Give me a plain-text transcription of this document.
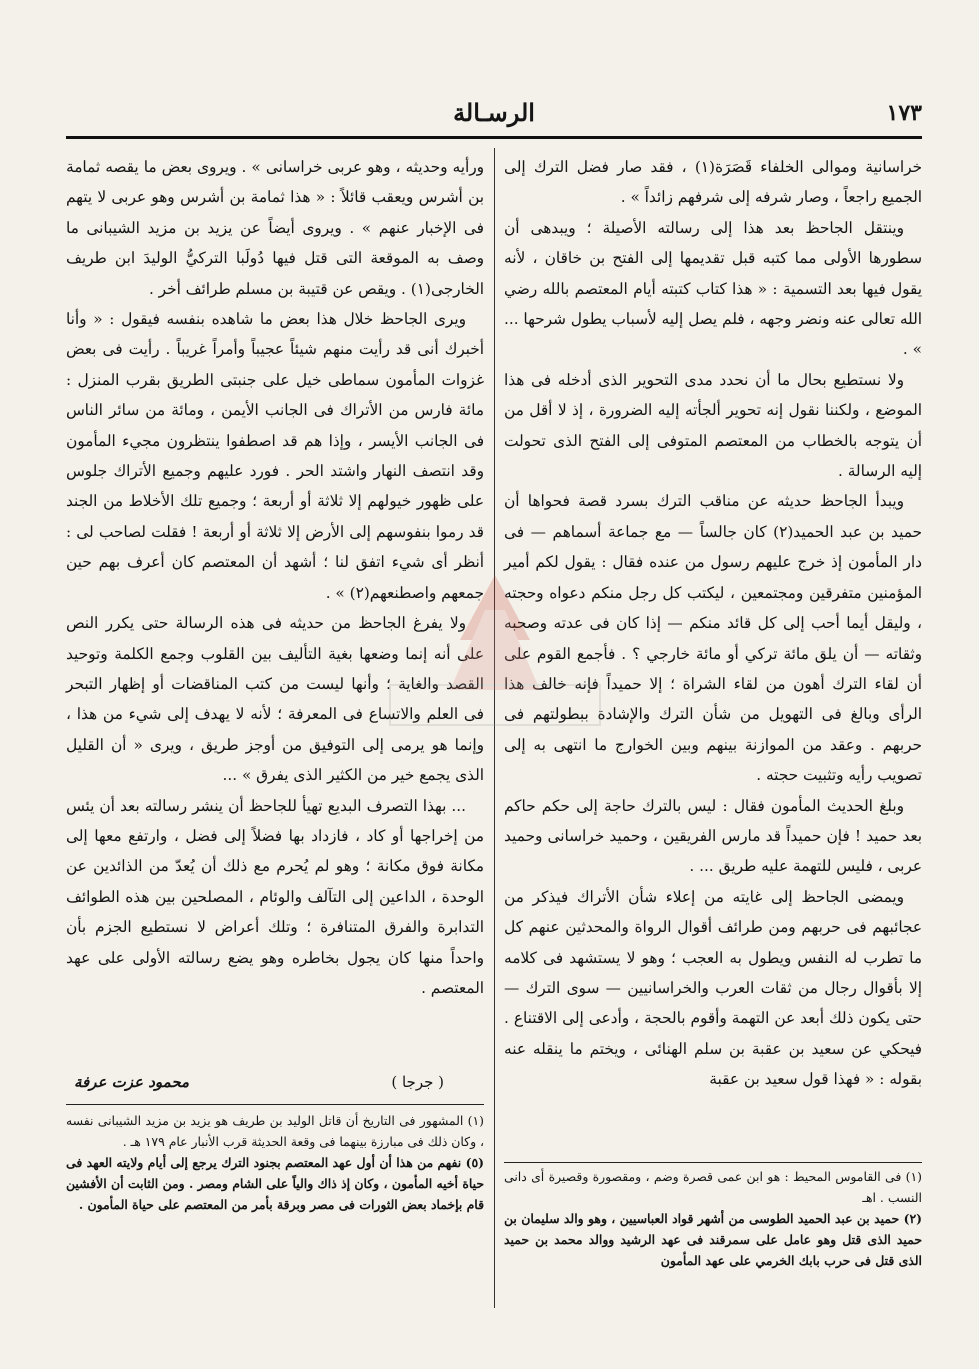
١٧٣
الرسـالة

خراسانية وموالى الخلفاء قَصَرَة(١) ، فقد صار فضل الترك إلى الجميع راجعاً ، وصار شرفه إلى شرفهم زائداً » .

وينتقل الجاحظ بعد هذا إلى رسالته الأصيلة ؛ ويبدهى أن سطورها الأولى مما كتبه قبل تقديمها إلى الفتح بن خاقان ، لأنه يقول فيها بعد التسمية : « هذا كتاب كتبته أيام المعتصم بالله رضي الله تعالى عنه ونضر وجهه ، فلم يصل إليه لأسباب يطول شرحها ... » .

ولا نستطيع بحال ما أن نحدد مدى التحوير الذى أدخله فى هذا الموضع ، ولكننا نقول إنه تحوير ألجأته إليه الضرورة ، إذ لا أقل من أن يتوجه بالخطاب من المعتصم المتوفى إلى الفتح الذى تحولت إليه الرسالة .

ويبدأ الجاحظ حديثه عن مناقب الترك بسرد قصة فحواها أن حميد بن عبد الحميد(٢) كان جالساً — مع جماعة أسماهم — فى دار المأمون إذ خرج عليهم رسول من عنده فقال : يقول لكم أمير المؤمنين متفرقين ومجتمعين ، ليكتب كل رجل منكم دعواه وحجته ، وليقل أيما أحب إلى كل قائد منكم — إذا كان فى عدته وصحبه وثقاته — أن يلق مائة تركي أو مائة خارجي ؟ . فأجمع القوم على أن لقاء الترك أهون من لقاء الشراة ؛ إلا حميداً فإنه خالف هذا الرأى وبالغ فى التهويل من شأن الترك والإشادة ببطولتهم فى حربهم . وعقد من الموازنة بينهم وبين الخوارج ما انتهى به إلى تصويب رأيه وتثبيت حجته .

وبلغ الحديث المأمون فقال : ليس بالترك حاجة إلى حكم حاكم بعد حميد ! فإن حميداً قد مارس الفريقين ، وحميد خراسانى وحميد عربى ، فليس للتهمة عليه طريق ... .

ويمضى الجاحظ إلى غايته من إعلاء شأن الأتراك فيذكر من عجائبهم فى حربهم ومن طرائف أقوال الرواة والمحدثين عنهم كل ما تطرب له النفس ويطول به العجب ؛ وهو لا يستشهد فى كلامه إلا بأقوال رجال من ثقات العرب والخراسانيين — سوى الترك — حتى يكون ذلك أبعد عن التهمة وأقوم بالحجة ، وأدعى إلى الاقتناع . فيحكي عن سعيد بن عقبة بن سلم الهنائى ، ويختم ما ينقله عنه بقوله : « فهذا قول سعيد بن عقبة

ورأيه وحديثه ، وهو عربى خراسانى » . ويروى بعض ما يقصه ثمامة بن أشرس ويعقب قائلاً : « هذا ثمامة بن أشرس وهو عربى لا يتهم فى الإخبار عنهم » . ويروى أيضاً عن يزيد بن مزيد الشيبانى ما وصف به الموقعة التى قتل فيها دُولَبا التركيُّ الوليدَ ابن طريف الخارجى(١) . ويقص عن قتيبة بن مسلم طرائف أخر .

ويرى الجاحظ خلال هذا بعض ما شاهده بنفسه فيقول : « وأنا أخبرك أنى قد رأيت منهم شيئاً عجيباً وأمراً غريباً . رأيت فى بعض غزوات المأمون سماطى خيل على جنبتى الطريق بقرب المنزل : مائة فارس من الأتراك فى الجانب الأيمن ، ومائة من سائر الناس فى الجانب الأيسر ، وإذا هم قد اصطفوا ينتظرون مجيء المأمون وقد انتصف النهار واشتد الحر . فورد عليهم وجميع الأتراك جلوس على ظهور خيولهم إلا ثلاثة أو أربعة ؛ وجميع تلك الأخلاط من الجند قد رموا بنفوسهم إلى الأرض إلا ثلاثة أو أربعة ! فقلت لصاحب لى : أنظر أى شيء اتفق لنا ؛ أشهد أن المعتصم كان أعرف بهم حين جمعهم واصطنعهم(٢) » .

ولا يفرغ الجاحظ من حديثه فى هذه الرسالة حتى يكرر النص على أنه إنما وضعها بغية التأليف بين القلوب وجمع الكلمة وتوحيد القصد والغاية ؛ وأنها ليست من كتب المناقضات أو إظهار التبحر فى العلم والاتساع فى المعرفة ؛ لأنه لا يهدف إلى شيء من هذا ، وإنما هو يرمى إلى التوفيق من أوجز طريق ، ويرى « أن القليل الذى يجمع خير من الكثير الذى يفرق » ...

... بهذا التصرف البديع تهيأ للجاحظ أن ينشر رسالته بعد أن يئس من إخراجها أو كاد ، فازداد بها فضلاً إلى فضل ، وارتفع معها إلى مكانة فوق مكانة ؛ وهو لم يُحرم مع ذلك أن يُعدّ من الذائدين عن الوحدة ، الداعين إلى التآلف والوئام ، المصلحين بين هذه الطوائف التدابرة والفرق المتنافرة ؛ وتلك أعراض لا نستطيع الجزم بأن واحداً منها كان يجول بخاطره وهو يضع رسالته الأولى على عهد المعتصم .

( جرجا )
محمود عزت عرفة

(١) المشهور فى التاريخ أن قاتل الوليد بن طريف هو يزيد بن مزيد الشيبانى نفسه ، وكان ذلك فى مبارزة بينهما فى وقعة الحديثة قرب الأنبار عام ١٧٩ هـ .

(٥) نفهم من هذا أن أول عهد المعتصم بجنود الترك يرجع إلى أيام ولايته العهد فى حياة أخيه المأمون ، وكان إذ ذاك والياً على الشام ومصر . ومن الثابت أن الأفشين قام بإخماد بعض الثورات فى مصر وبرقة بأمر من المعتصم على حياة المأمون .

(١) فى القاموس المحيط : هو ابن عمى قصرة وضم ، ومقصورة وقصيرة أى دانى النسب . اهـ

(٢) حميد بن عبد الحميد الطوسى من أشهر قواد العباسيين ، وهو والد سليمان بن حميد الذى قتل وهو عامل على سمرقند فى عهد الرشيد ووالد محمد بن حميد الذى قتل فى حرب بابك الخرمي على عهد المأمون
